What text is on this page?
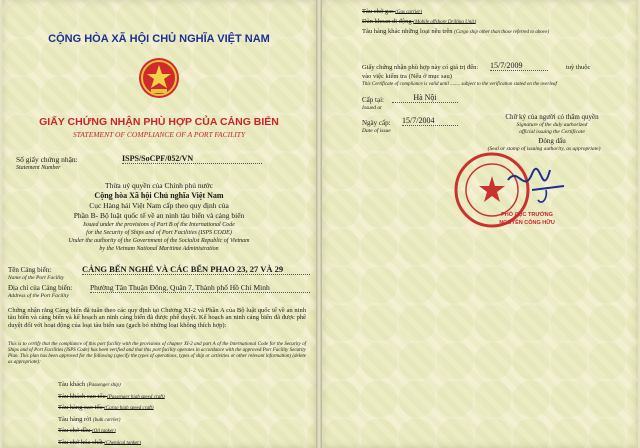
CỘNG HÒA XÃ HỘI CHỦ NGHĨA VIỆT NAM
GIẤY CHỨNG NHẬN PHÙ HỢP CỦA CẢNG BIỂN
STATEMENT OF COMPLIANCE OF A PORT FACILITY
Số giấy chứng nhận:
Statement Number
ISPS/SoCPF/052/VN
Thừa uỷ quyền của Chính phủ nước
Cộng hòa Xã hội Chủ nghĩa Việt Nam
Cục Hàng hải Việt Nam cấp theo quy định của
Phần B- Bộ luật quốc tế về an ninh tàu biển và cảng biển
Issued under the provisions of Part B of the International Code
for the Security of Ships and of Port Facilities (ISPS CODE)
Under the authority of the Government of the Socialist Republic of Vietnam
by the Vietnam National Maritime Administration
Tên Cảng biển:
Name of the Port Facility
CẢNG BẾN NGHÉ VÀ CÁC BẾN PHAO 23, 27 VÀ 29
Địa chỉ của Cảng biển:
Address of the Port Facility
Phường Tân Thuận Đông, Quận 7, Thành phố Hồ Chí Minh
Chứng nhận rằng Cảng biển đã tuân theo các quy định tại Chương XI-2 và Phần A của Bộ luật quốc tế về an ninh tàu biển và cảng biển và kế hoạch an ninh cảng biển đã được phê duyệt. Kế hoạch an ninh cảng biển đã được phê duyệt đối với hoạt động của loại tàu biển sau (gạch bỏ những loại không thích hợp):
This is to certify that the compliance of this port facility with the provisions of chapter XI-2 and part A of the International Code for the Security of Ships and of Port Facilities (ISPS Code) has been verified and that this port facility operates in accordance with the approved Port Facility Security Plan. This plan has been approved for the following (specify the types of operations, types of ship or activities or other relevant information) (delete as appropriate):
Tàu khách (Passenger ship)
Tàu khách cao tốc (Passenger high speed craft)
Tàu hàng cao tốc (Cargo high speed craft)
Tàu hàng rời (bulk carrier)
Tàu chở dầu (Oil tanker)
Tàu chở hóa chất (Chemical tanker)
Tàu chở gas (Gas carrier)
Dàn khoan di động (Mobile offshore Drilling Unit)
Tàu hàng khác những loại nêu trên (Cargo ship other than those referred to above)
Giấy chứng nhận phù hợp này có giá trị đến: 15/7/2009	tuỳ thuộc
vào việc kiểm tra (Nếu ở mục sau)
This Certificate of compliance is valid until ........ subject to the verification stated on the overleaf
Cấp tại:
Issued at
Hà Nội
Ngày cấp:
Date of issue
15/7/2004	Chữ ký của người có thẩm quyền
Signature of the duly authorized
official issuing the Certificate
Đóng dấu
(Seal or stamp of issuing authority, as appropriate)
PHÓ CỤC TRƯỞNG
NGUYỄN CÔNG HỮU
